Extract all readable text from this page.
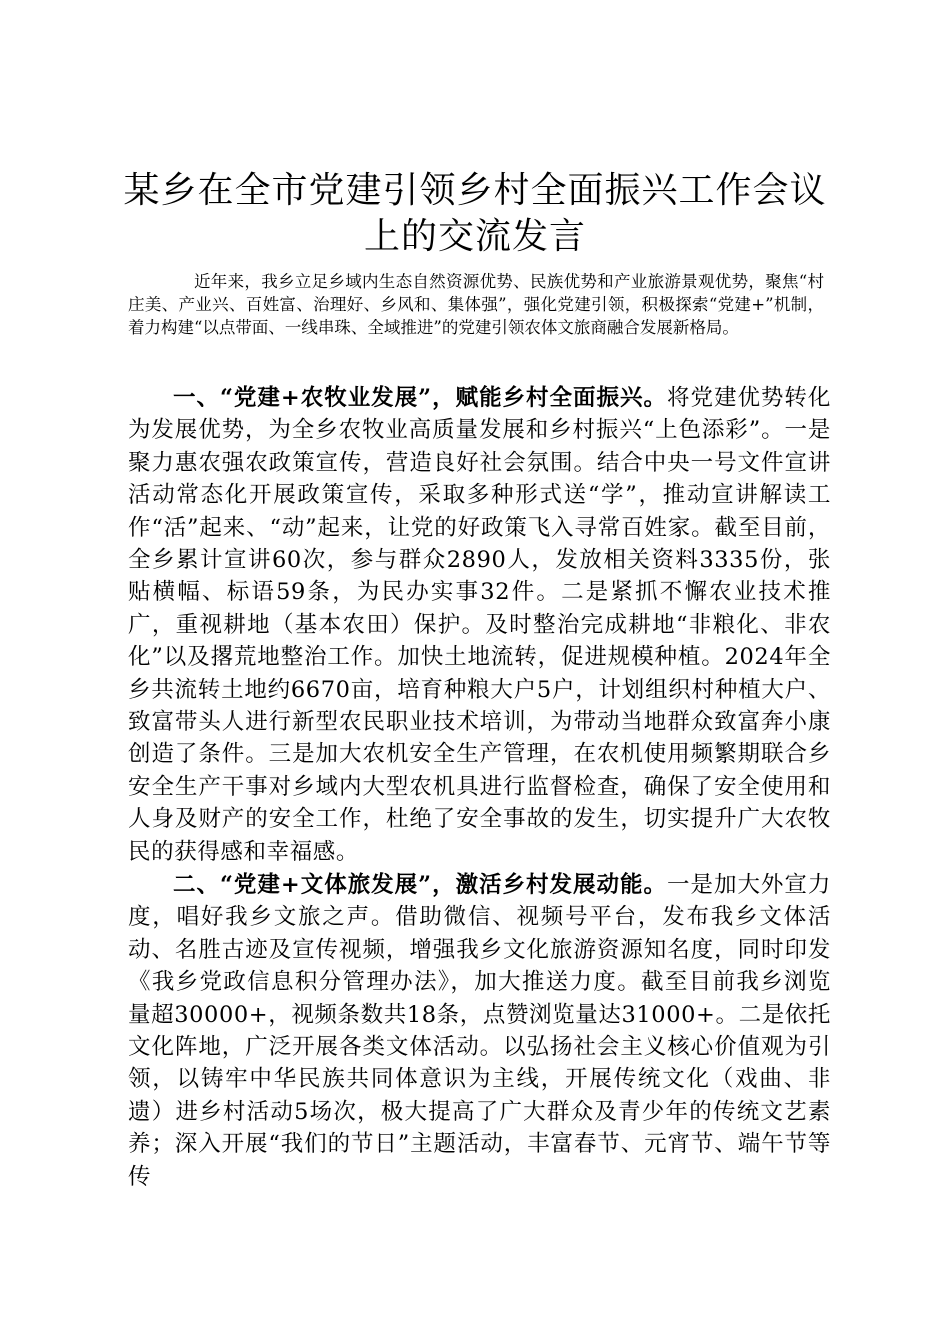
某乡在全市党建引领乡村全面振兴工作会议上的交流发言

近年来，我乡立足乡域内生态自然资源优势、民族优势和产业旅游景观优势，聚焦“村庄美、产业兴、百姓富、治理好、乡风和、集体强”，强化党建引领，积极探索“党建+”机制，着力构建“以点带面、一线串珠、全域推进”的党建引领农体文旅商融合发展新格局。

一、“党建+农牧业发展”，赋能乡村全面振兴。将党建优势转化为发展优势，为全乡农牧业高质量发展和乡村振兴“上色添彩”。一是聚力惠农强农政策宣传，营造良好社会氛围。结合中央一号文件宣讲活动常态化开展政策宣传，采取多种形式送“学”，推动宣讲解读工作“活”起来、“动”起来，让党的好政策飞入寻常百姓家。截至目前，全乡累计宣讲60次，参与群众2890人，发放相关资料3335份，张贴横幅、标语59条，为民办实事32件。二是紧抓不懈农业技术推广，重视耕地（基本农田）保护。及时整治完成耕地“非粮化、非农化”以及撂荒地整治工作。加快土地流转，促进规模种植。2024年全乡共流转土地约6670亩，培育种粮大户5户，计划组织村种植大户、致富带头人进行新型农民职业技术培训，为带动当地群众致富奔小康创造了条件。三是加大农机安全生产管理，在农机使用频繁期联合乡安全生产干事对乡域内大型农机具进行监督检查，确保了安全使用和人身及财产的安全工作，杜绝了安全事故的发生，切实提升广大农牧民的获得感和幸福感。

二、“党建+文体旅发展”，激活乡村发展动能。一是加大外宣力度，唱好我乡文旅之声。借助微信、视频号平台，发布我乡文体活动、名胜古迹及宣传视频，增强我乡文化旅游资源知名度，同时印发《我乡党政信息积分管理办法》，加大推送力度。截至目前我乡浏览量超30000+，视频条数共18条，点赞浏览量达31000+。二是依托文化阵地，广泛开展各类文体活动。以弘扬社会主义核心价值观为引领，以铸牢中华民族共同体意识为主线，开展传统文化（戏曲、非遗）进乡村活动5场次，极大提高了广大群众及青少年的传统文艺素养；深入开展“我们的节日”主题活动，丰富春节、元宵节、端午节等传
